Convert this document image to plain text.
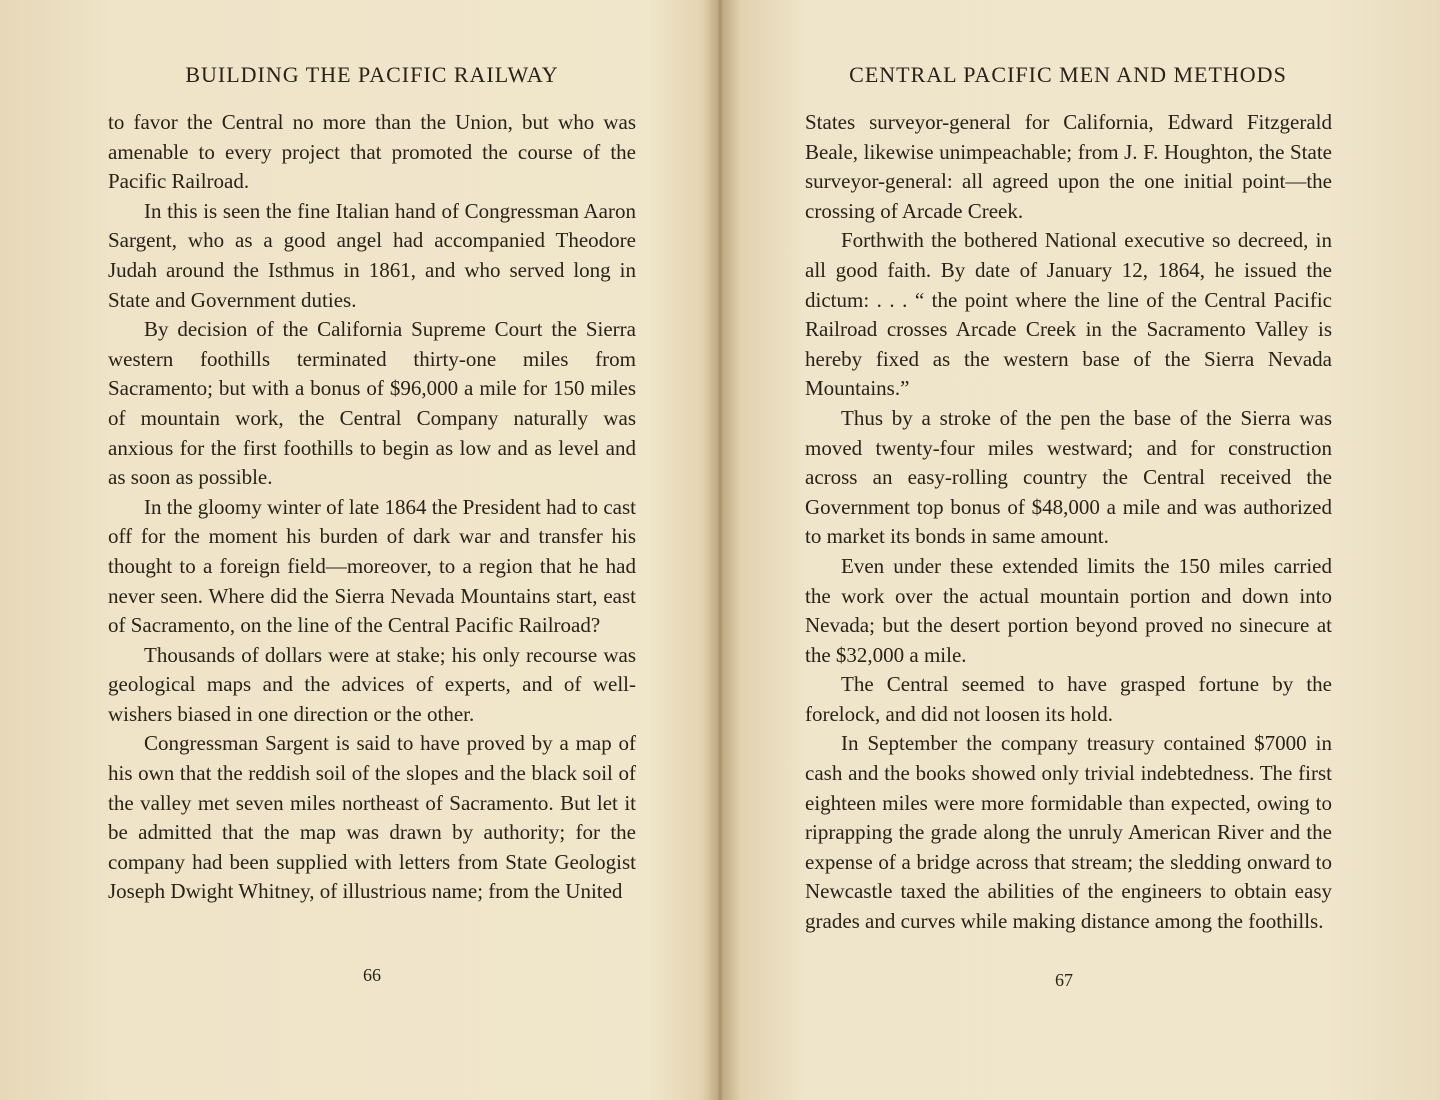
BUILDING THE PACIFIC RAILWAY

to favor the Central no more than the Union, but who was amenable to every project that promoted the course of the Pacific Railroad.

In this is seen the fine Italian hand of Congressman Aaron Sargent, who as a good angel had accompanied Theodore Judah around the Isthmus in 1861, and who served long in State and Government duties.

By decision of the California Supreme Court the Sierra western foothills terminated thirty-one miles from Sacramento; but with a bonus of $96,000 a mile for 150 miles of mountain work, the Central Company naturally was anxious for the first foothills to begin as low and as level and as soon as possible.

In the gloomy winter of late 1864 the President had to cast off for the moment his burden of dark war and transfer his thought to a foreign field—moreover, to a region that he had never seen. Where did the Sierra Nevada Mountains start, east of Sacramento, on the line of the Central Pacific Railroad?

Thousands of dollars were at stake; his only recourse was geological maps and the advices of experts, and of well-wishers biased in one direction or the other.

Congressman Sargent is said to have proved by a map of his own that the reddish soil of the slopes and the black soil of the valley met seven miles northeast of Sacramento. But let it be admitted that the map was drawn by authority; for the company had been supplied with letters from State Geologist Joseph Dwight Whitney, of illustrious name; from the United

66

CENTRAL PACIFIC MEN AND METHODS

States surveyor-general for California, Edward Fitzgerald Beale, likewise unimpeachable; from J. F. Houghton, the State surveyor-general: all agreed upon the one initial point—the crossing of Arcade Creek.

Forthwith the bothered National executive so decreed, in all good faith. By date of January 12, 1864, he issued the dictum: . . . “ the point where the line of the Central Pacific Railroad crosses Arcade Creek in the Sacramento Valley is hereby fixed as the western base of the Sierra Nevada Mountains.”

Thus by a stroke of the pen the base of the Sierra was moved twenty-four miles westward; and for construction across an easy-rolling country the Central received the Government top bonus of $48,000 a mile and was authorized to market its bonds in same amount.

Even under these extended limits the 150 miles carried the work over the actual mountain portion and down into Nevada; but the desert portion beyond proved no sinecure at the $32,000 a mile.

The Central seemed to have grasped fortune by the forelock, and did not loosen its hold.

In September the company treasury contained $7000 in cash and the books showed only trivial indebtedness. The first eighteen miles were more formidable than expected, owing to riprapping the grade along the unruly American River and the expense of a bridge across that stream; the sledding onward to Newcastle taxed the abilities of the engineers to obtain easy grades and curves while making distance among the foothills.

67
